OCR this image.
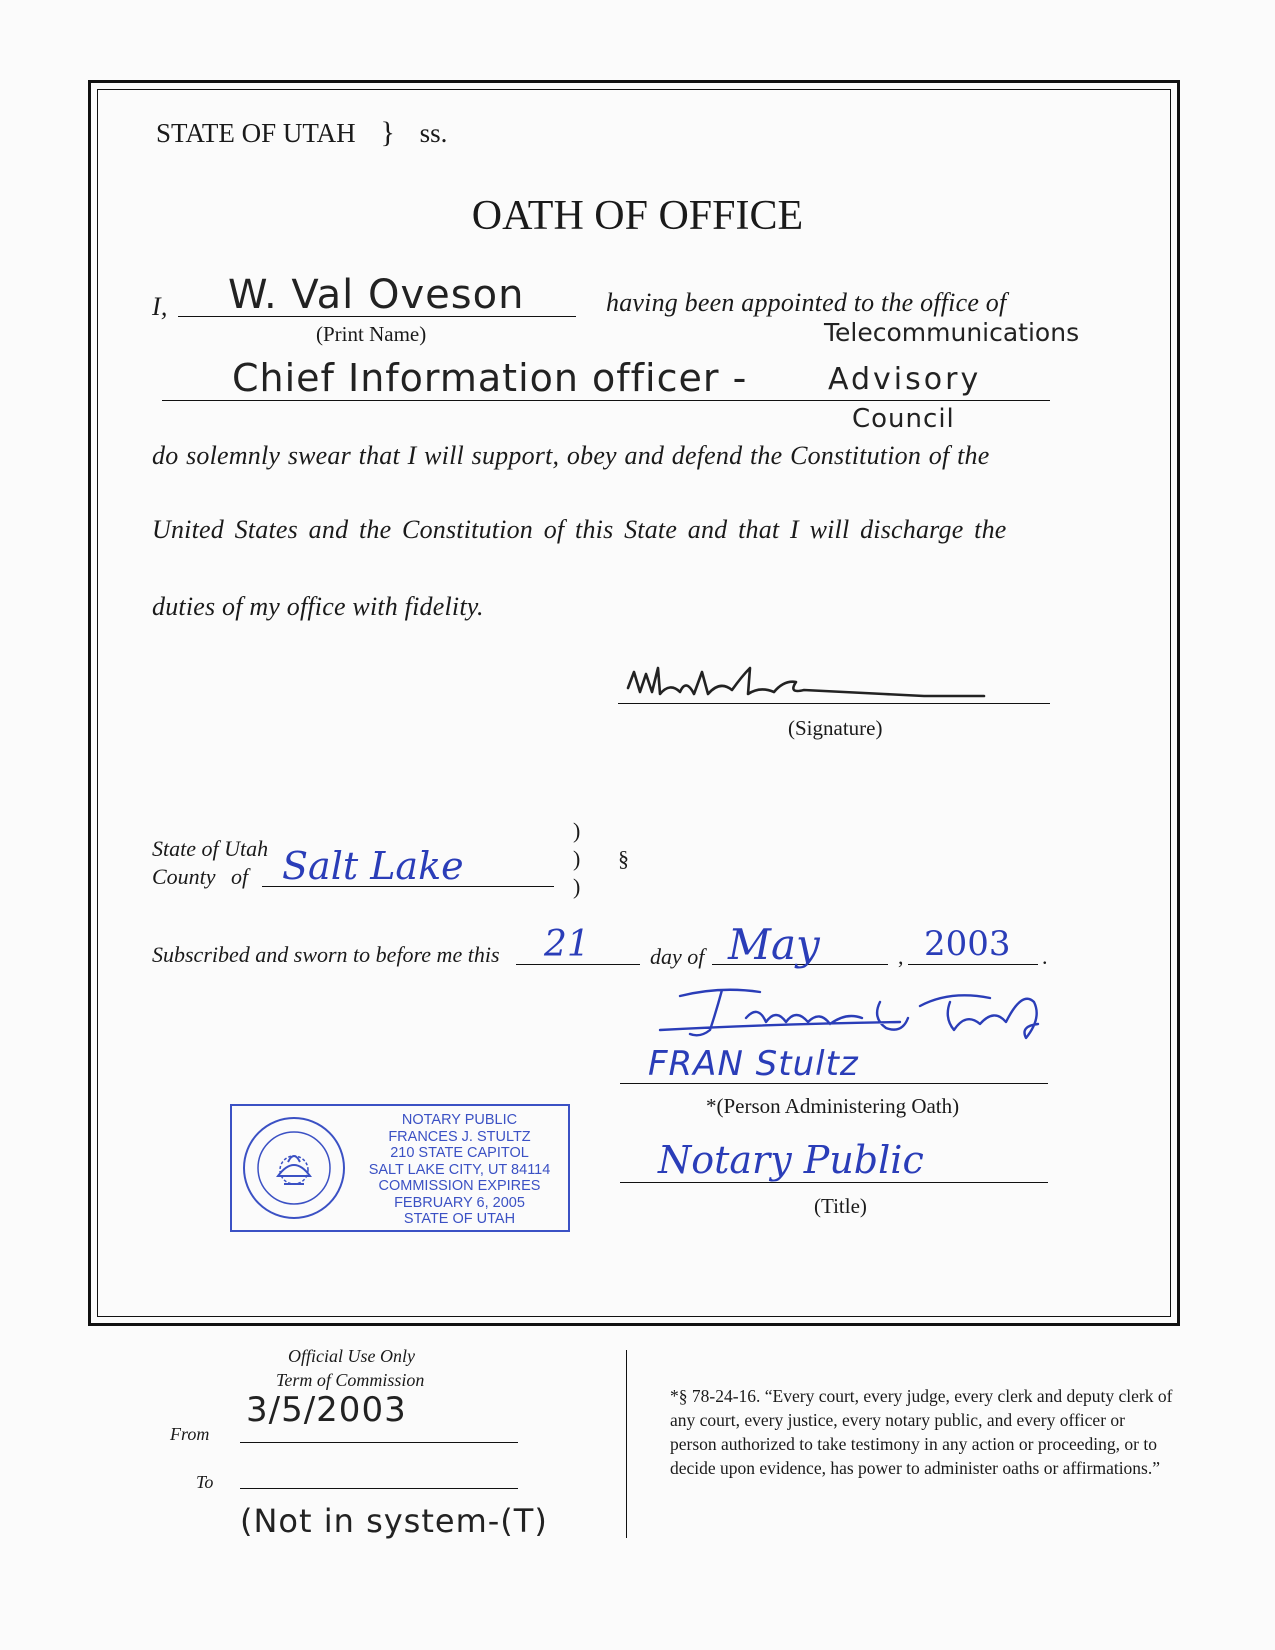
STATE OF UTAH } ss.
OATH OF OFFICE
I, W. Val Oveson
(Print Name)
having been appointed to the office of
Telecommunications
Chief Information officer -	Advisory
Council
do solemnly swear that I will support, obey and defend the Constitution of the
United States and the Constitution of this State and that I will discharge the
duties of my office with fidelity.
(Signature)
State of Utah
County of Salt Lake
)
)
)
§
Subscribed and sworn to before me this 21	day of May	, 2003 .
FRAN Stultz
*(Person Administering Oath)
Notary Public
(Title)
NOTARY PUBLIC
FRANCES J. STULTZ
210 STATE CAPITOL
SALT LAKE CITY, UT 84114
COMMISSION EXPIRES
FEBRUARY 6, 2005
STATE OF UTAH
Official Use Only
Term of Commission
3/5/2003
From
To
(Not in system-(T)
*§ 78-24-16. “Every court, every judge, every clerk and deputy clerk of any court, every justice, every notary public, and every officer or person authorized to take testimony in any action or proceeding, or to decide upon evidence, has power to administer oaths or affirmations.”
